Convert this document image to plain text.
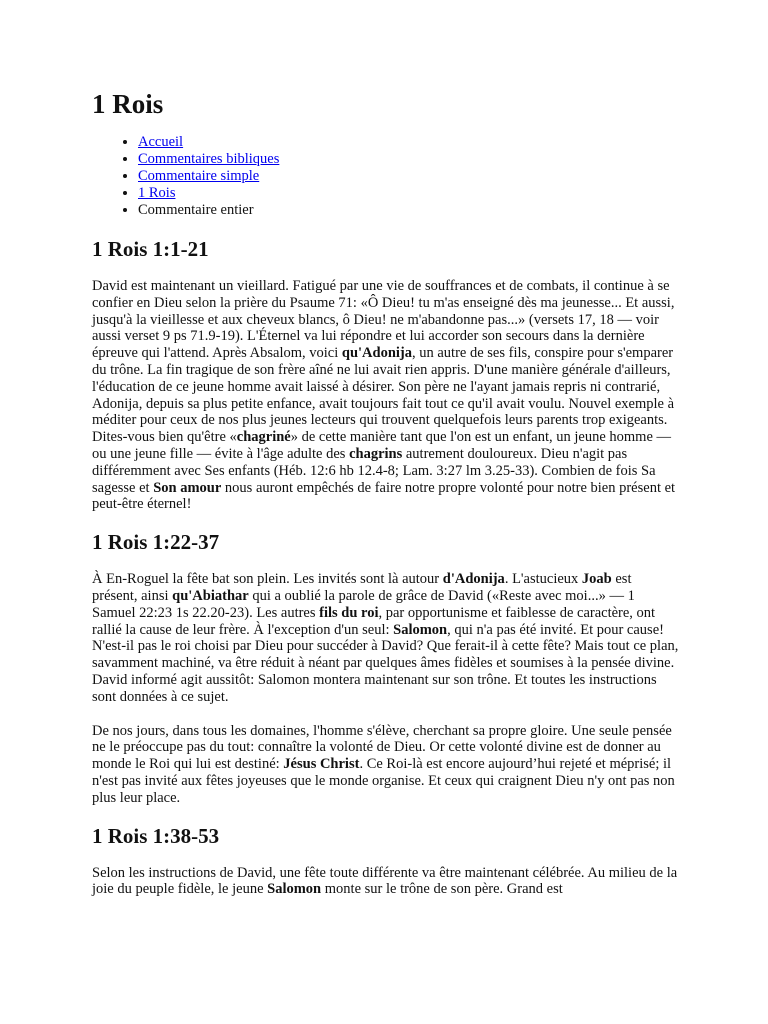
1 Rois
• Accueil
• Commentaires bibliques
• Commentaire simple
• 1 Rois
• Commentaire entier
1 Rois 1:1-21

David est maintenant un vieillard. Fatigué par une vie de souffrances et de combats, il continue à se confier en Dieu selon la prière du Psaume 71: «Ô Dieu! tu m'as enseigné dès ma jeunesse... Et aussi, jusqu'à la vieillesse et aux cheveux blancs, ô Dieu! ne m'abandonne pas...» (versets 17, 18 — voir aussi verset 9 ps 71.9-19). L'Éternel va lui répondre et lui accorder son secours dans la dernière épreuve qui l'attend. Après Absalom, voici qu'Adonija, un autre de ses fils, conspire pour s'emparer du trône. La fin tragique de son frère aîné ne lui avait rien appris. D'une manière générale d'ailleurs, l'éducation de ce jeune homme avait laissé à désirer. Son père ne l'ayant jamais repris ni contrarié, Adonija, depuis sa plus petite enfance, avait toujours fait tout ce qu'il avait voulu. Nouvel exemple à méditer pour ceux de nos plus jeunes lecteurs qui trouvent quelquefois leurs parents trop exigeants. Dites-vous bien qu'être «chagriné» de cette manière tant que l'on est un enfant, un jeune homme — ou une jeune fille — évite à l'âge adulte des chagrins autrement douloureux. Dieu n'agit pas différemment avec Ses enfants (Héb. 12:6 hb 12.4-8; Lam. 3:27 lm 3.25-33). Combien de fois Sa sagesse et Son amour nous auront empêchés de faire notre propre volonté pour notre bien présent et peut-être éternel!

1 Rois 1:22-37

À En-Roguel la fête bat son plein. Les invités sont là autour d'Adonija. L'astucieux Joab est présent, ainsi qu'Abiathar qui a oublié la parole de grâce de David («Reste avec moi...» — 1 Samuel 22:23 1s 22.20-23). Les autres fils du roi, par opportunisme et faiblesse de caractère, ont rallié la cause de leur frère. À l'exception d'un seul: Salomon, qui n'a pas été invité. Et pour cause! N'est-il pas le roi choisi par Dieu pour succéder à David? Que ferait-il à cette fête? Mais tout ce plan, savamment machiné, va être réduit à néant par quelques âmes fidèles et soumises à la pensée divine. David informé agit aussitôt: Salomon montera maintenant sur son trône. Et toutes les instructions sont données à ce sujet.

De nos jours, dans tous les domaines, l'homme s'élève, cherchant sa propre gloire. Une seule pensée ne le préoccupe pas du tout: connaître la volonté de Dieu. Or cette volonté divine est de donner au monde le Roi qui lui est destiné: Jésus Christ. Ce Roi-là est encore aujourd’hui rejeté et méprisé; il n'est pas invité aux fêtes joyeuses que le monde organise. Et ceux qui craignent Dieu n'y ont pas non plus leur place.

1 Rois 1:38-53

Selon les instructions de David, une fête toute différente va être maintenant célébrée. Au milieu de la joie du peuple fidèle, le jeune Salomon monte sur le trône de son père. Grand est
